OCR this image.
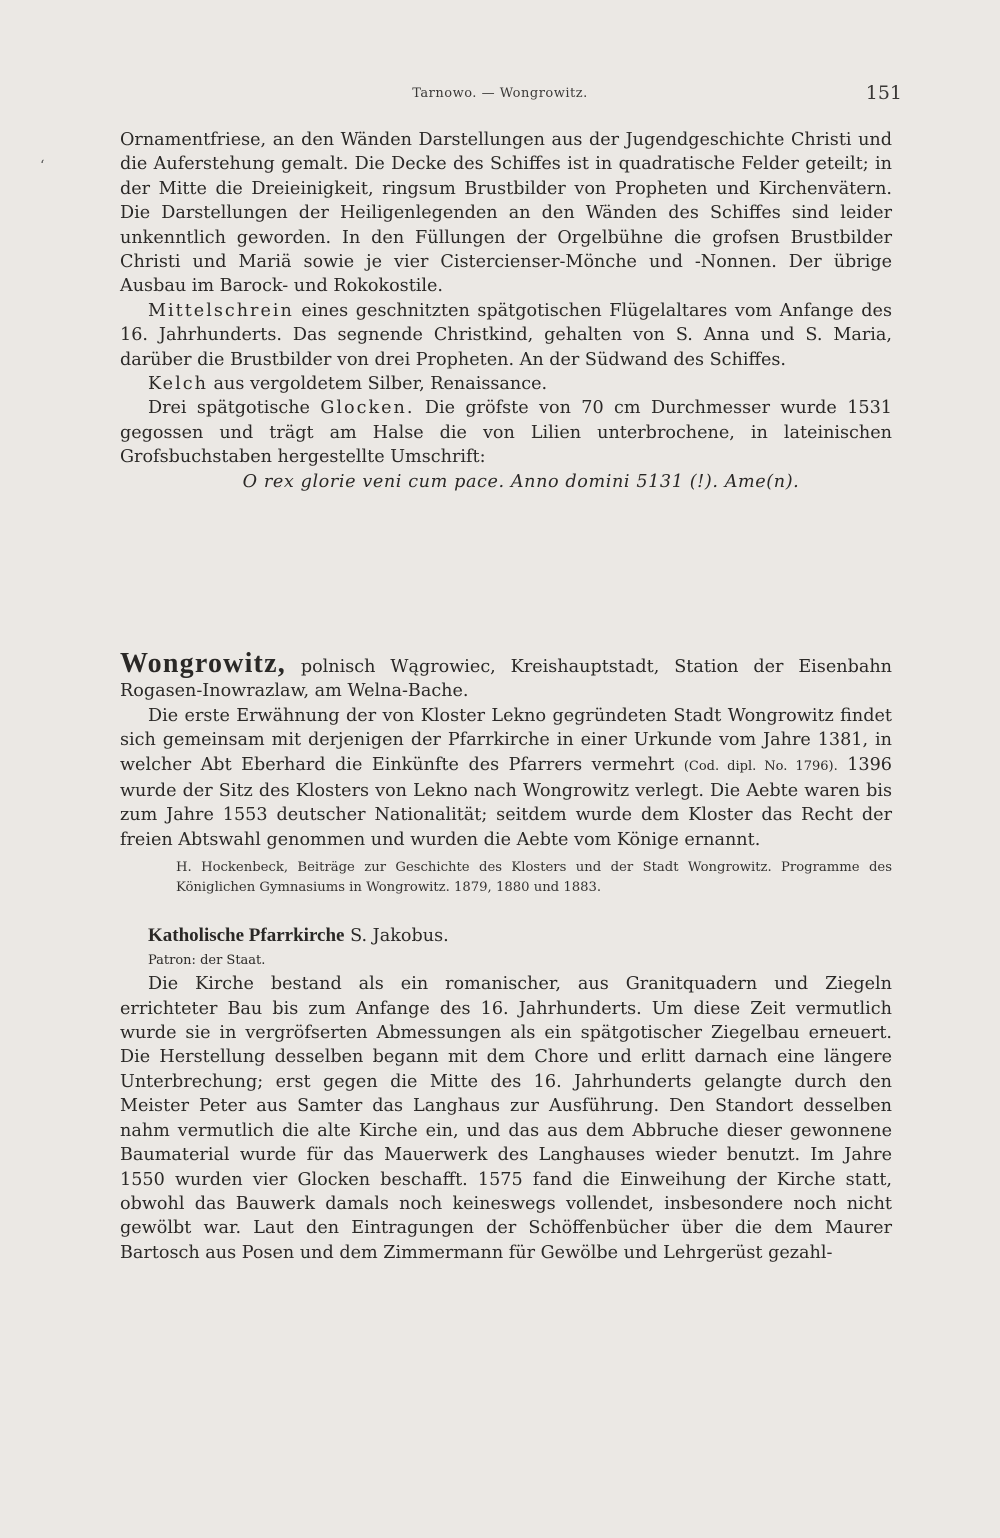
Tarnowo. — Wongrowitz.	151
ʻ

Ornamentfriese, an den Wänden Darstellungen aus der Jugendgeschichte Christi und die Auferstehung gemalt. Die Decke des Schiffes ist in quadratische Felder geteilt; in der Mitte die Dreieinigkeit, ringsum Brustbilder von Propheten und Kirchenvätern. Die Darstellungen der Heiligenlegenden an den Wänden des Schiffes sind leider unkenntlich geworden. In den Füllungen der Orgelbühne die grofsen Brustbilder Christi und Mariä sowie je vier Cistercienser-Mönche und -Nonnen. Der übrige Ausbau im Barock- und Rokokostile.

Mittelschrein eines geschnitzten spätgotischen Flügelaltares vom Anfange des 16. Jahrhunderts. Das segnende Christkind, gehalten von S. Anna und S. Maria, darüber die Brustbilder von drei Propheten. An der Südwand des Schiffes.

Kelch aus vergoldetem Silber, Renaissance.

Drei spätgotische Glocken. Die gröfste von 70 cm Durchmesser wurde 1531 gegossen und trägt am Halse die von Lilien unterbrochene, in lateinischen Grofsbuchstaben hergestellte Umschrift:

O rex glorie veni cum pace. Anno domini 5131 (!). Ame(n).

Wongrowitz, polnisch Wągrowiec, Kreishauptstadt, Station der Eisenbahn Rogasen-Inowrazlaw, am Welna-Bache.

Die erste Erwähnung der von Kloster Lekno gegründeten Stadt Wongrowitz findet sich gemeinsam mit derjenigen der Pfarrkirche in einer Urkunde vom Jahre 1381, in welcher Abt Eberhard die Einkünfte des Pfarrers vermehrt (Cod. dipl. No. 1796). 1396 wurde der Sitz des Klosters von Lekno nach Wongrowitz verlegt. Die Aebte waren bis zum Jahre 1553 deutscher Nationalität; seitdem wurde dem Kloster das Recht der freien Abtswahl genommen und wurden die Aebte vom Könige ernannt.

H. Hockenbeck, Beiträge zur Geschichte des Klosters und der Stadt Wongrowitz. Programme des Königlichen Gymnasiums in Wongrowitz. 1879, 1880 und 1883.

Katholische Pfarrkirche S. Jakobus.

Patron: der Staat.

Die Kirche bestand als ein romanischer, aus Granitquadern und Ziegeln errichteter Bau bis zum Anfange des 16. Jahrhunderts. Um diese Zeit vermutlich wurde sie in vergröfserten Abmessungen als ein spätgotischer Ziegelbau erneuert. Die Herstellung desselben begann mit dem Chore und erlitt darnach eine längere Unterbrechung; erst gegen die Mitte des 16. Jahrhunderts gelangte durch den Meister Peter aus Samter das Langhaus zur Ausführung. Den Standort desselben nahm vermutlich die alte Kirche ein, und das aus dem Abbruche dieser gewonnene Baumaterial wurde für das Mauerwerk des Langhauses wieder benutzt. Im Jahre 1550 wurden vier Glocken beschafft. 1575 fand die Einweihung der Kirche statt, obwohl das Bauwerk damals noch keineswegs vollendet, insbesondere noch nicht gewölbt war. Laut den Eintragungen der Schöffenbücher über die dem Maurer Bartosch aus Posen und dem Zimmermann für Gewölbe und Lehrgerüst gezahl-
